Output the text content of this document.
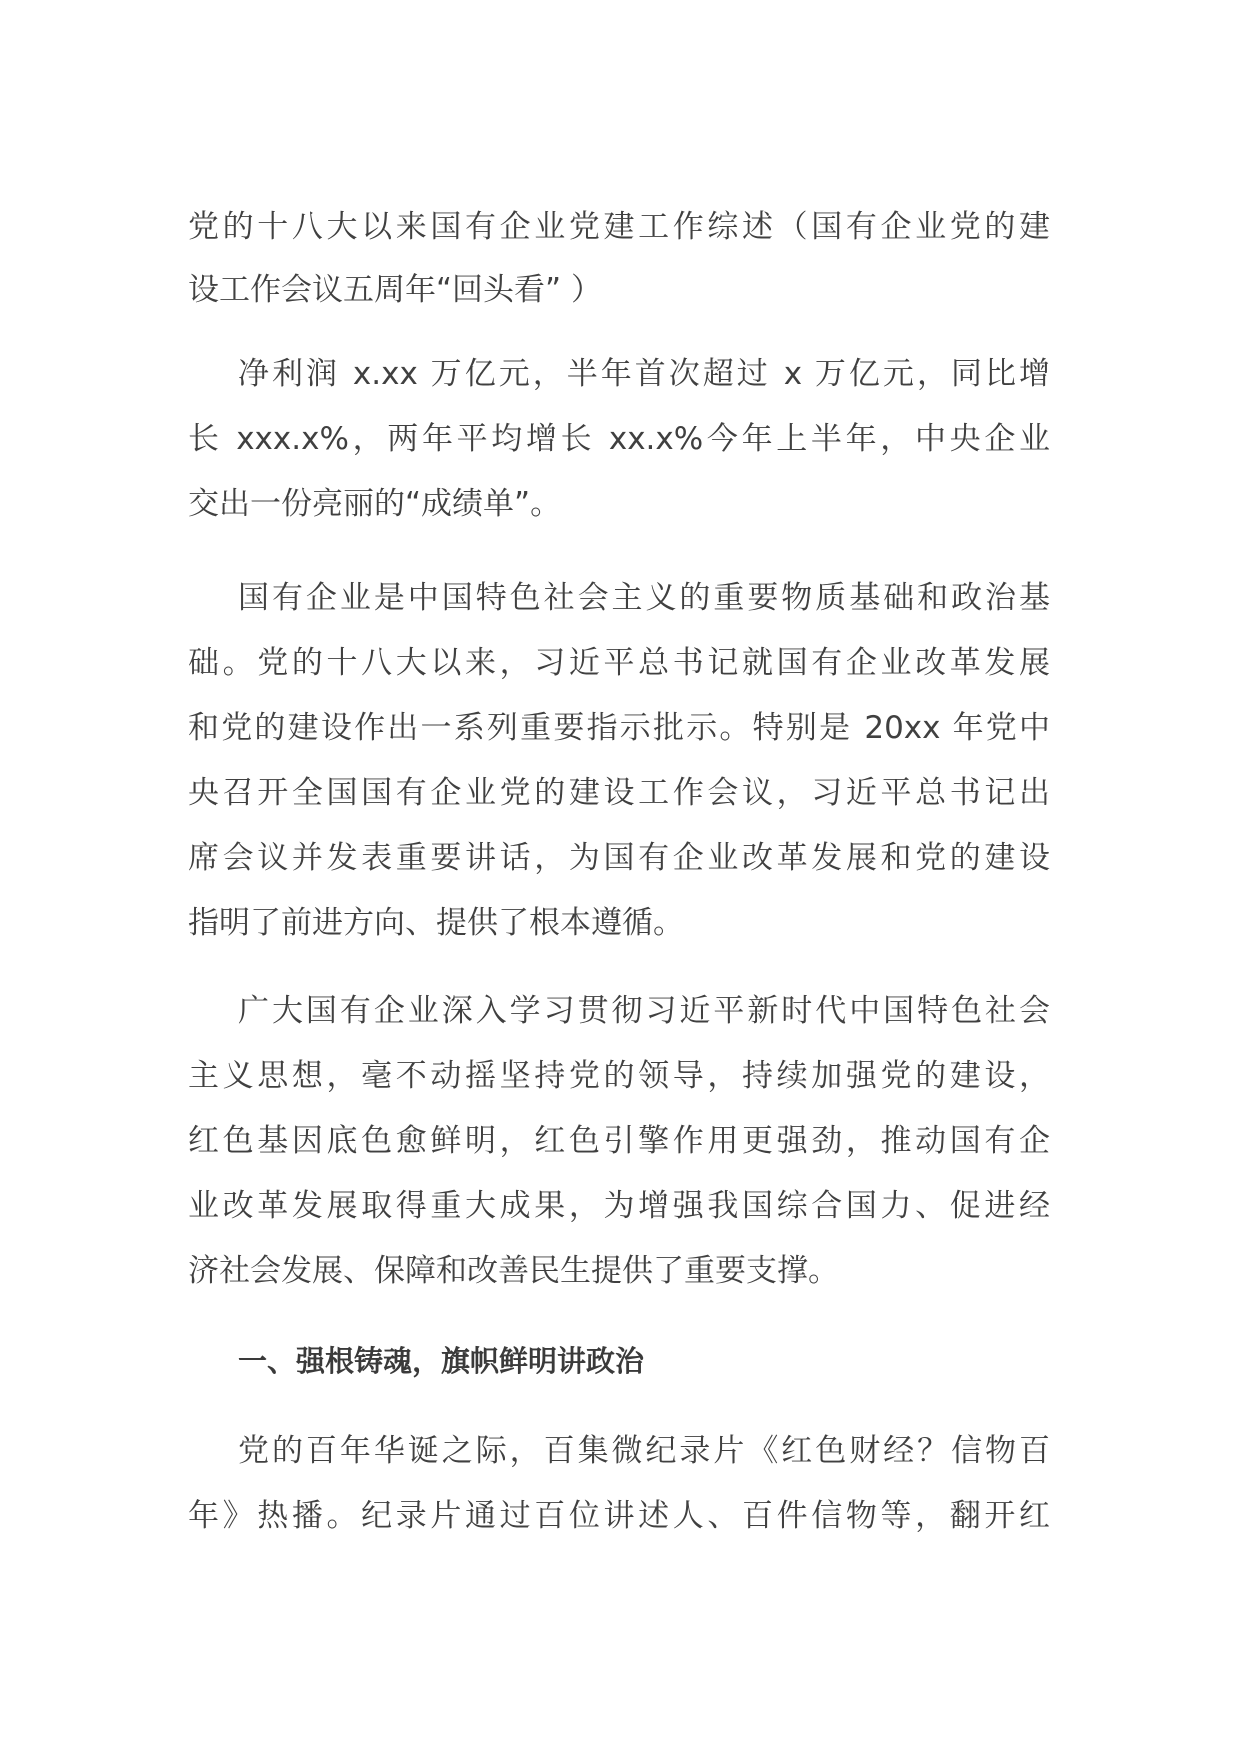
党的十八大以来国有企业党建工作综述（国有企业党的建
设工作会议五周年“回头看” ）
净利润 x.xx 万亿元，半年首次超过 x 万亿元，同比增
长 xxx.x%，两年平均增长 xx.x%今年上半年，中央企业
交出一份亮丽的“成绩单”。
国有企业是中国特色社会主义的重要物质基础和政治基
础。党的十八大以来，习近平总书记就国有企业改革发展
和党的建设作出一系列重要指示批示。特别是 20xx 年党中
央召开全国国有企业党的建设工作会议，习近平总书记出
席会议并发表重要讲话，为国有企业改革发展和党的建设
指明了前进方向、提供了根本遵循。
广大国有企业深入学习贯彻习近平新时代中国特色社会
主义思想，毫不动摇坚持党的领导，持续加强党的建设，
红色基因底色愈鲜明，红色引擎作用更强劲，推动国有企
业改革发展取得重大成果，为增强我国综合国力、促进经
济社会发展、保障和改善民生提供了重要支撑。
一、强根铸魂，旗帜鲜明讲政治
党的百年华诞之际，百集微纪录片《红色财经？信物百
年》热播。纪录片通过百位讲述人、百件信物等，翻开红
